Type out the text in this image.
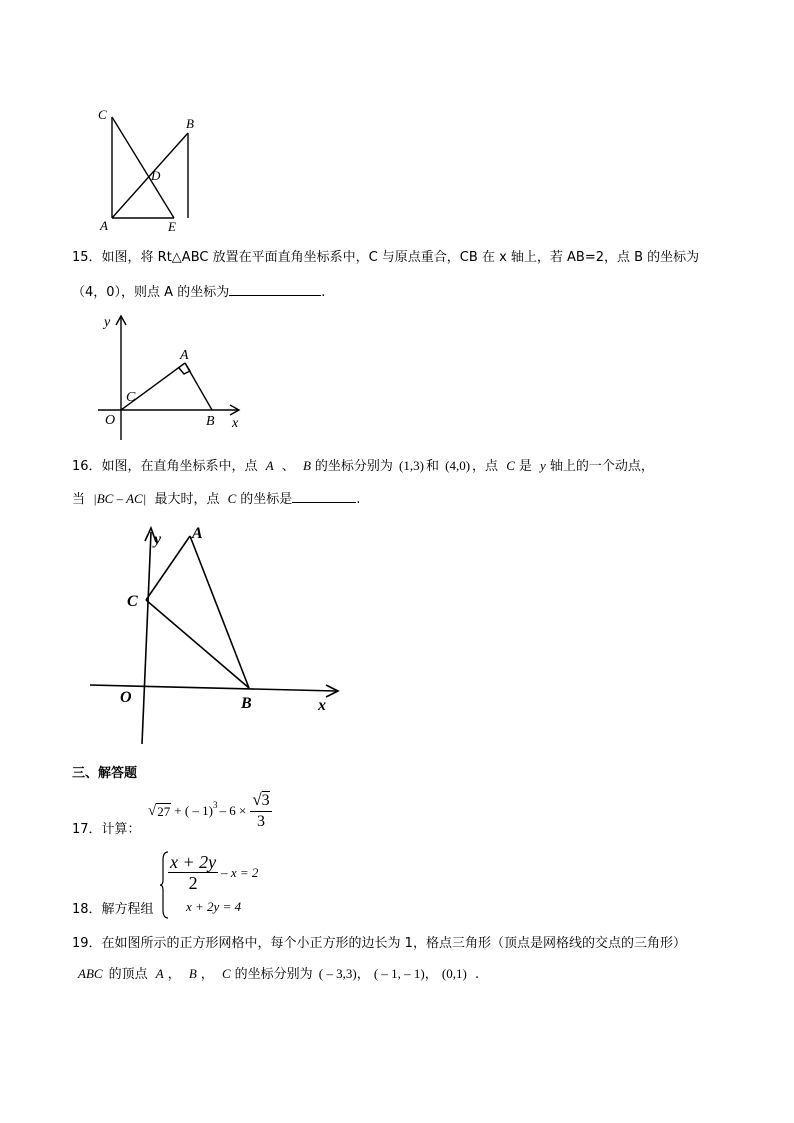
C
B
D
A	E
15．如图，将 Rt△ABC 放置在平面直角坐标系中，C 与原点重合，CB 在 x 轴上，若 AB=2，点 B 的坐标为
（4，0），则点 A 的坐标为	.
y
A
C
O	B x
16．如图，在直角坐标系中，点 A 、 B 的坐标分别为 (1,3) 和 (4,0) ，点 C 是 y 轴上的一个动点，
当 |BC – AC| 最大时，点 C 的坐标是	.
y A
C
O	B	x
三、解答题
√ 27 + ( – $1)^3 - 6 \times \frac{√3}{3}$
17．计算：
18．解方程组
$\frac{x + 2y}{2} - x = 2$
x + 2y = 4
19．在如图所示的正方形网格中，每个小正方形的边长为 1，格点三角形（顶点是网格线的交点的三角形）
ABC 的顶点 A ， B ， C 的坐标分别为 ( – 3,3)， ( – 1, – 1)， (0,1) .
